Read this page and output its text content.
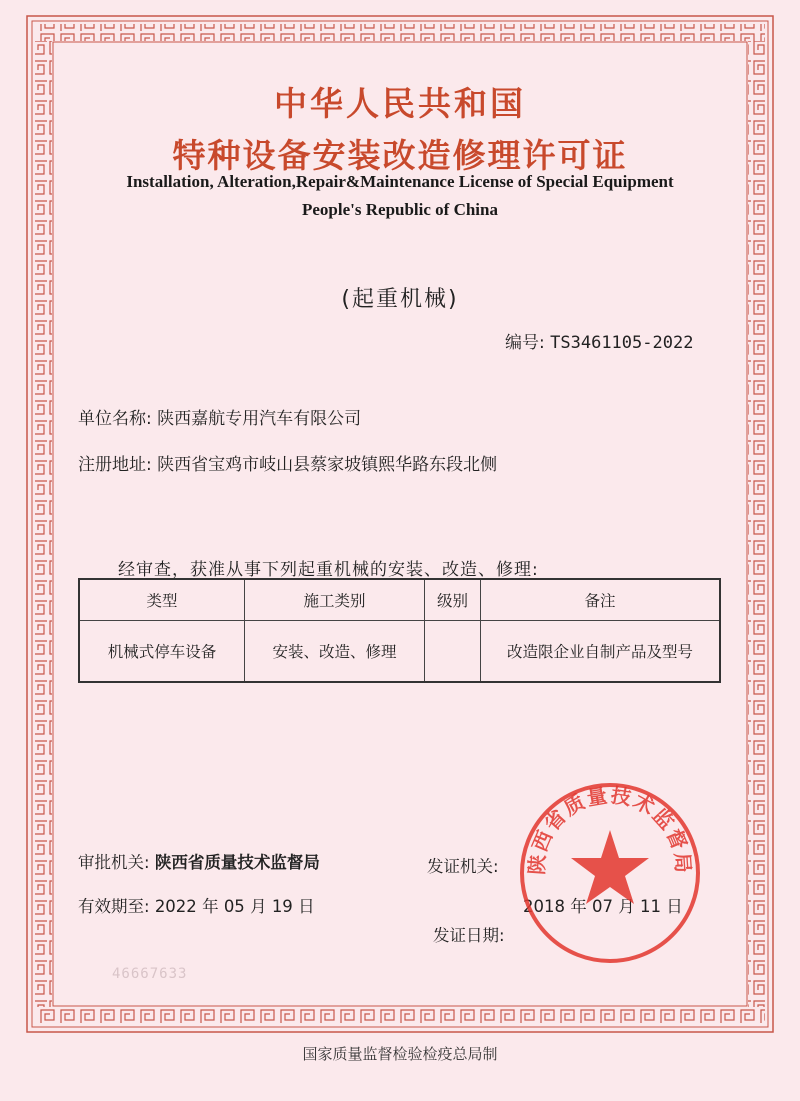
中华人民共和国
特种设备安装改造修理许可证
Installation, Alteration,Repair&Maintenance License of Special Equipment
People's Republic of China
(起重机械)
编号: TS3461105-2022
单位名称: 陕西嘉航专用汽车有限公司
注册地址: 陕西省宝鸡市岐山县蔡家坡镇熙华路东段北侧
经审查，获准从事下列起重机械的安装、改造、修理:
类型	施工类别	级别	备注
机械式停车设备	安装、改造、修理		改造限企业自制产品及型号
审批机关: 陕西省质量技术监督局	发证机关:
有效期至: 2022 年 05 月 19 日	2018 年 07 月 11 日
发证日期:
46667633
陕西省质量技术监督局
国家质量监督检验检疫总局制
